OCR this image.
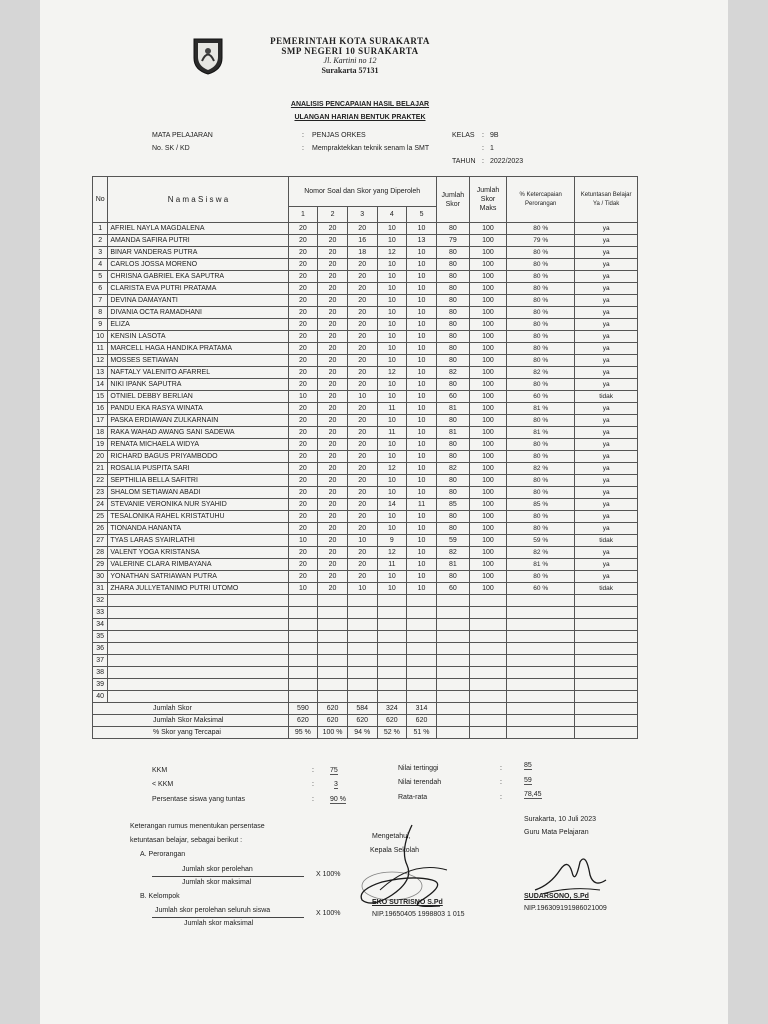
PEMERINTAH KOTA SURAKARTA
SMP NEGERI 10 SURAKARTA
Jl. Kartini no 12
Surakarta 57131
ANALISIS PENCAPAIAN HASIL BELAJAR
ULANGAN HARIAN BENTUK PRAKTEK
MATA PELAJARAN	: PENJAS ORKES	KELAS : 9B
No. SK / KD	: Mempraktekkan teknik senam la SMT	: 1
TAHUN : 2022/2023
No	N a m a S i s w a	Nomor Soal dan Skor yang Diperoleh					Jumlah Skor	Jumlah Skor Maks	% Ketercapaian Perorangan	Ketuntasan Belajar Ya / Tidak
		1	2	3	4	5				
1	AFRIEL NAYLA MAGDALENA	20	20	20	10	10	80	100	80 %	ya
2	AMANDA SAFIRA PUTRI	20	20	16	10	13	79	100	79 %	ya
3	BINAR VANDERAS PUTRA	20	20	18	12	10	80	100	80 %	ya
4	CARLOS JOSSA MORENO	20	20	20	10	10	80	100	80 %	ya
5	CHRISNA GABRIEL EKA SAPUTRA	20	20	20	10	10	80	100	80 %	ya
6	CLARISTA EVA PUTRI PRATAMA	20	20	20	10	10	80	100	80 %	ya
7	DEVINA DAMAYANTI	20	20	20	10	10	80	100	80 %	ya
8	DIVANIA OCTA RAMADHANI	20	20	20	10	10	80	100	80 %	ya
9	ELIZA	20	20	20	10	10	80	100	80 %	ya
10	KENSIN LASOTA	20	20	20	10	10	80	100	80 %	ya
11	MARCELL HAGA HANDIKA PRATAMA	20	20	20	10	10	80	100	80 %	ya
12	MOSSES SETIAWAN	20	20	20	10	10	80	100	80 %	ya
13	NAFTALY VALENITO AFARREL	20	20	20	12	10	82	100	82 %	ya
14	NIKI IPANK SAPUTRA	20	20	20	10	10	80	100	80 %	ya
15	OTNIEL DEBBY BERLIAN	10	20	10	10	10	60	100	60 %	tidak
16	PANDU EKA RASYA WINATA	20	20	20	11	10	81	100	81 %	ya
17	PASKA ERDIAWAN ZULKARNAIN	20	20	20	10	10	80	100	80 %	ya
18	RAKA WAHAD AWANG SANI SADEWA	20	20	20	11	10	81	100	81 %	ya
19	RENATA MICHAELA WIDYA	20	20	20	10	10	80	100	80 %	ya
20	RICHARD BAGUS PRIYAMBODO	20	20	20	10	10	80	100	80 %	ya
21	ROSALIA PUSPITA SARI	20	20	20	12	10	82	100	82 %	ya
22	SEPTHILIA BELLA SAFITRI	20	20	20	10	10	80	100	80 %	ya
23	SHALOM SETIAWAN ABADI	20	20	20	10	10	80	100	80 %	ya
24	STEVANIE VERONIKA NUR SYAHID	20	20	20	14	11	85	100	85 %	ya
25	TESALONIKA RAHEL KRISTATUHU	20	20	20	10	10	80	100	80 %	ya
26	TIONANDA HANANTA	20	20	20	10	10	80	100	80 %	ya
27	TYAS LARAS SYAIRLATHI	10	20	10	9	10	59	100	59 %	tidak
28	VALENT YOGA KRISTANSA	20	20	20	12	10	82	100	82 %	ya
29	VALERINE CLARA RIMBAYANA	20	20	20	11	10	81	100	81 %	ya
30	YONATHAN SATRIAWAN PUTRA	20	20	20	10	10	80	100	80 %	ya
31	ZHARA JULLYETANIMO PUTRI UTOMO	10	20	10	10	10	60	100	60 %	tidak
32										
33										
34										
35										
36										
37										
38										
39										
40										
Jumlah Skor		590	620	584	324	314				
Jumlah Skor Maksimal		620	620	620	620	620				
% Skor yang Tercapai		95 %	100 %	94 %	52 %	51 %				
KKM	: 75
< KKM	:	3
Persentase siswa yang tuntas	: 90 %
Nilai tertinggi	:	85
Nilai terendah	:	59
Rata-rata	:	78,45
Keterangan rumus menentukan persentase
ketuntasan belajar, sebagai berikut :
A. Perorangan
Jumlah skor perolehan
Jumlah skor maksimal
X 100%
B. Kelompok
Jumlah skor perolehan seluruh siswa
Jumlah skor maksimal
X 100%
Mengetahui,
Kepala Sekolah
EKO SUTRISNO S.Pd
NIP.19650405 1998803 1 015
Surakarta, 10 Juli 2023
Guru Mata Pelajaran
SUDARSONO, S.Pd
NIP.196309191986021009
